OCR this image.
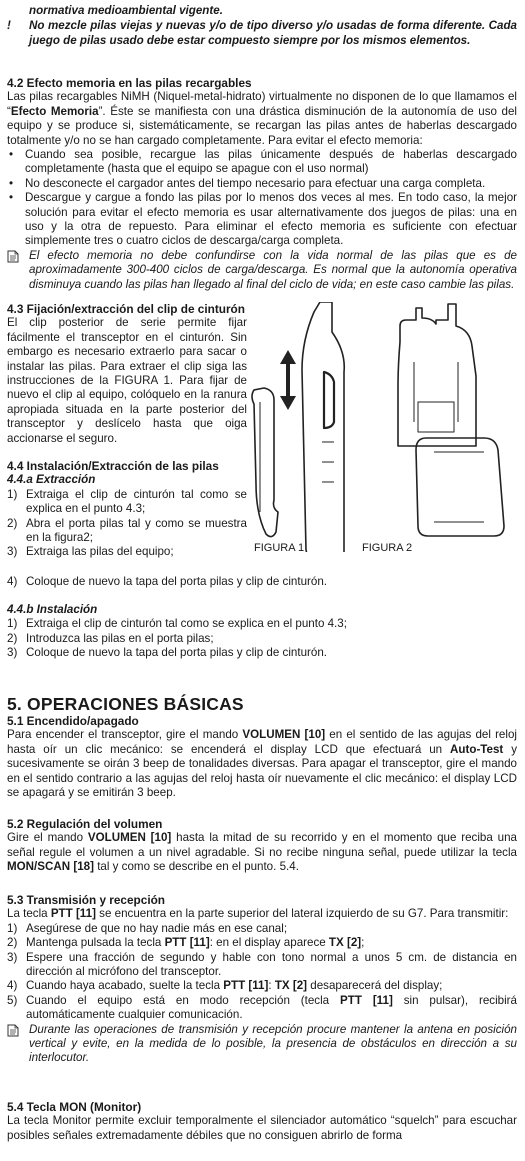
normativa medioambiental vigente.

!	No mezcle pilas viejas y nuevas y/o de tipo diverso y/o usadas de forma diferente. Cada juego de pilas usado debe estar compuesto siempre por los mismos elementos.
4.2 Efecto memoria en las pilas recargables

Las pilas recargables NiMH (Niquel-metal-hidrato) virtualmente no disponen de lo que llamamos el “Efecto Memoria”. Éste se manifiesta con una drástica disminución de la autonomía de uso del equipo y se produce si, sistemáticamente, se recargan las pilas antes de haberlas descargado totalmente y/o no se han cargado completamente. Para evitar el efecto memoria:

•	Cuando sea posible, recargue las pilas únicamente después de haberlas descargado completamente (hasta que el equipo se apague con el uso normal)
•	No desconecte el cargador antes del tiempo necesario para efectuar una carga completa.
•	Descargue y cargue a fondo las pilas por lo menos dos veces al mes. En todo caso, la mejor solución para evitar el efecto memoria es usar alternativamente dos juegos de pilas: una en uso y la otra de repuesto. Para eliminar el efecto memoria es suficiente con efectuar simplemente tres o cuatro ciclos de descarga/carga completa.
El efecto memoria no debe confundirse con la vida normal de las pilas que es de aproximadamente 300-400 ciclos de carga/descarga. Es normal que la autonomía operativa disminuya cuando las pilas han llegado al final del ciclo de vida; en este caso cambie las pilas.
4.3 Fijación/extracción del clip de cinturón

El clip posterior de serie permite fijar fácilmente el transceptor en el cinturón. Sin embargo es necesario extraerlo para sacar o instalar las pilas. Para extraer el clip siga las instrucciones de la FIGURA 1. Para fijar de nuevo el clip al equipo, colóquelo en la ranura apropiada situada en la parte posterior del transceptor y deslícelo hasta que oiga accionarse el seguro.

4.4 Instalación/Extracción de las pilas
4.4.a Extracción
1) Extraiga el clip de cinturón tal como se explica en el punto 4.3;
2) Abra el porta pilas tal y como se muestra en la figura2;
3) Extraiga las pilas del equipo;	FIGURA 1	FIGURA 2
4) Coloque de nuevo la tapa del porta pilas y clip de cinturón.
4.4.b Instalación
1) Extraiga el clip de cinturón tal como se explica en el punto 4.3;
2) Introduzca las pilas en el porta pilas;
3) Coloque de nuevo la tapa del porta pilas y clip de cinturón.
5. OPERACIONES BÁSICAS
5.1 Encendido/apagado

Para encender el transceptor, gire el mando VOLUMEN [10] en el sentido de las agujas del reloj hasta oír un clic mecánico: se encenderá el display LCD que efectuará un Auto-Test y sucesivamente se oirán 3 beep de tonalidades diversas. Para apagar el transceptor, gire el mando en el sentido contrario a las agujas del reloj hasta oír nuevamente el clic mecánico: el display LCD se apagará y se emitirán 3 beep.

5.2 Regulación del volumen

Gire el mando VOLUMEN [10] hasta la mitad de su recorrido y en el momento que reciba una señal regule el volumen a un nivel agradable. Si no recibe ninguna señal, puede utilizar la tecla MON/SCAN [18] tal y como se describe en el punto. 5.4.

5.3 Transmisión y recepción

La tecla PTT [11] se encuentra en la parte superior del lateral izquierdo de su G7. Para transmitir:

1) Asegúrese de que no hay nadie más en ese canal;
2) Mantenga pulsada la tecla PTT [11]: en el display aparece TX [2];
3) Espere una fracción de segundo y hable con tono normal a unos 5 cm. de distancia en dirección al micrófono del transceptor.
4) Cuando haya acabado, suelte la tecla PTT [11]: TX [2] desaparecerá del display;
5) Cuando el equipo está en modo recepción (tecla PTT [11] sin pulsar), recibirá automáticamente cualquier comunicación.
Durante las operaciones de transmisión y recepción procure mantener la antena en posición vertical y evite, en la medida de lo posible, la presencia de obstáculos en dirección a su interlocutor.
5.4 Tecla MON (Monitor)

La tecla Monitor permite excluir temporalmente el silenciador automático “squelch” para escuchar posibles señales extremadamente débiles que no consiguen abrirlo de forma
